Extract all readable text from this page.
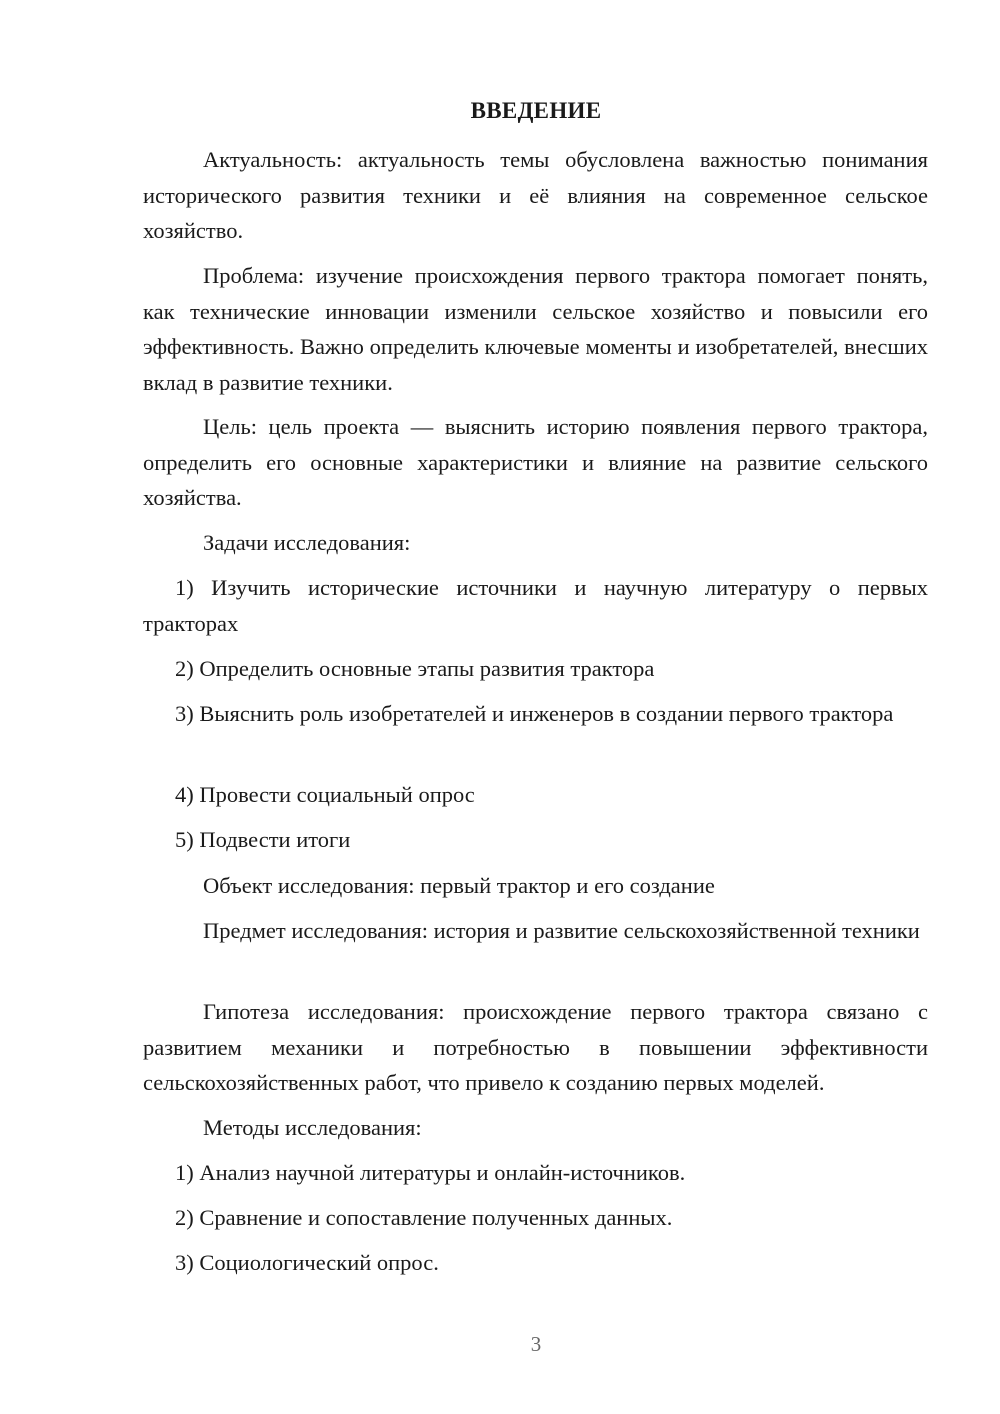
ВВЕДЕНИЕ

Актуальность: актуальность темы обусловлена важностью понимания исторического развития техники и её влияния на современное сельское хозяйство.

Проблема: изучение происхождения первого трактора помогает понять, как технические инновации изменили сельское хозяйство и повысили его эффективность. Важно определить ключевые моменты и изобретателей, внесших вклад в развитие техники.

Цель: цель проекта — выяснить историю появления первого трактора, определить его основные характеристики и влияние на развитие сельского хозяйства.

Задачи исследования:

1) Изучить исторические источники и научную литературу о первых тракторах

2) Определить основные этапы развития трактора

3) Выяснить роль изобретателей и инженеров в создании первого трактора

4) Провести социальный опрос

5) Подвести итоги

Объект исследования: первый трактор и его создание

Предмет исследования: история и развитие сельскохозяйственной техники

Гипотеза исследования: происхождение первого трактора связано с развитием механики и потребностью в повышении эффективности сельскохозяйственных работ, что привело к созданию первых моделей.

Методы исследования:

1) Анализ научной литературы и онлайн-источников.

2) Сравнение и сопоставление полученных данных.

3) Социологический опрос.

3
